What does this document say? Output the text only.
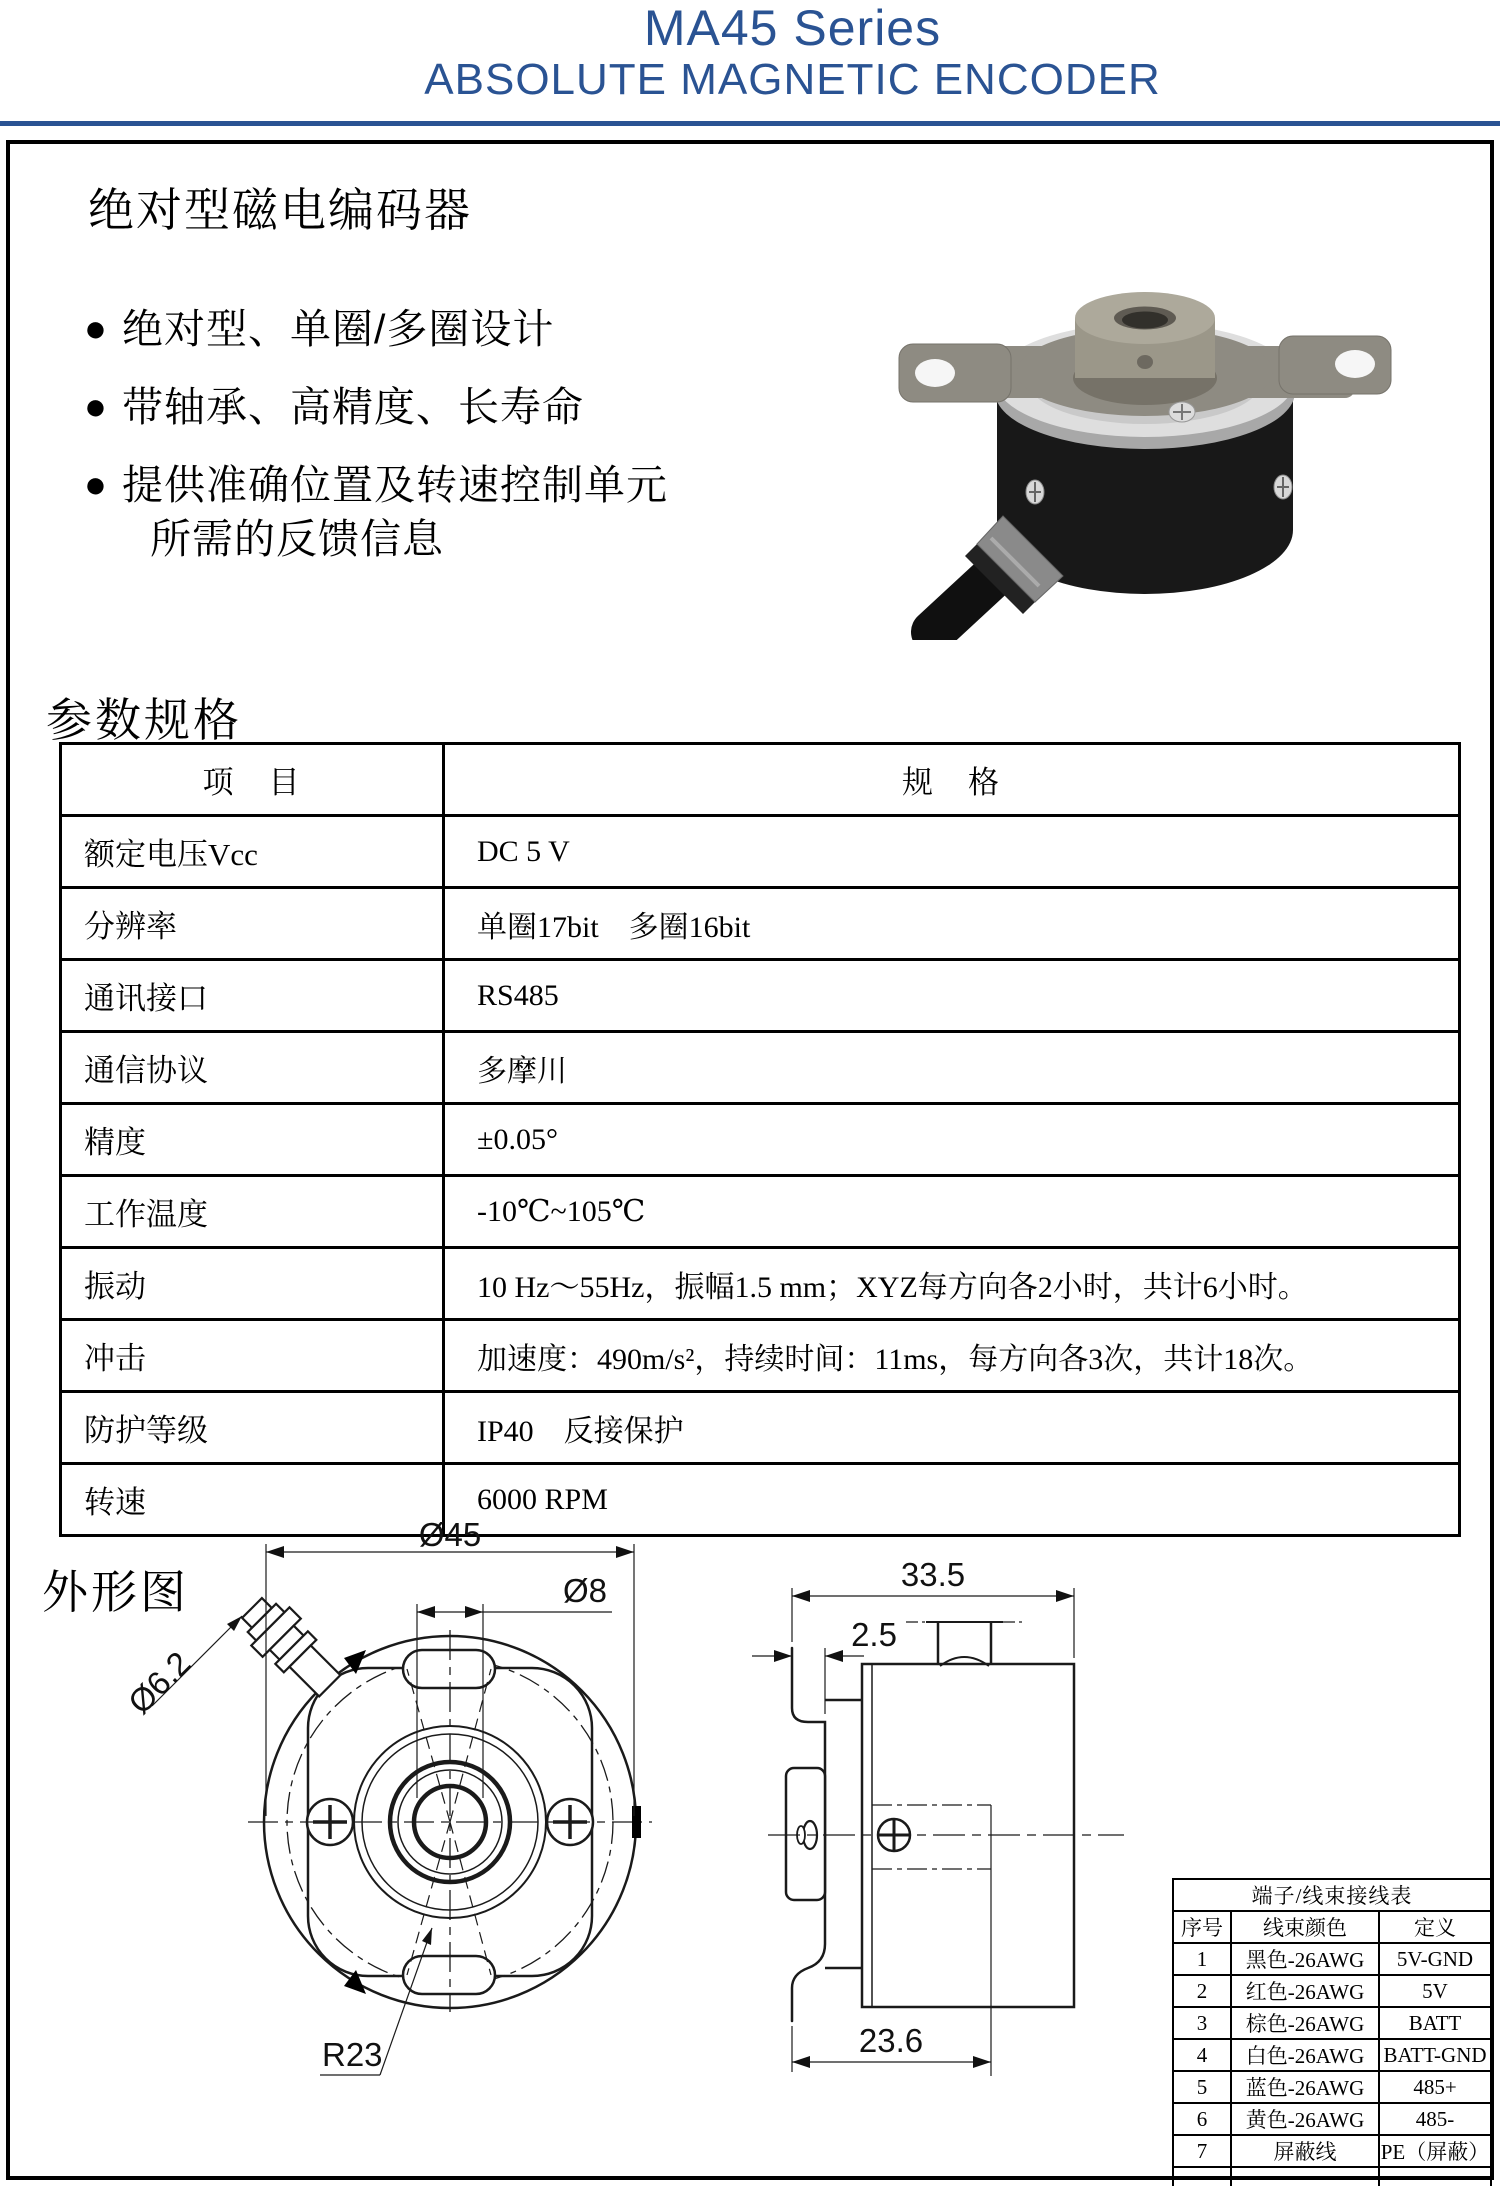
MA45 Series
ABSOLUTE MAGNETIC ENCODER
绝对型磁电编码器
● 绝对型、单圈/多圈设计
● 带轴承、高精度、长寿命
● 提供准确位置及转速控制单元
所需的反馈信息
参数规格
项　目	规　格
额定电压Vcc	DC 5 V
分辨率	单圈17bit　多圈16bit
通讯接口	RS485
通信协议	多摩川
精度	±0.05°
工作温度	-10℃~105℃
振动	10 Hz～55Hz，振幅1.5 mm；XYZ每方向各2小时，共计6小时。
冲击	加速度：490m/s²，持续时间：11ms，每方向各3次，共计18次。
防护等级	IP40　反接保护
转速	6000 RPM
外形图
Ø45
Ø8
Ø6.2
R23
33.5
2.5
23.6
端子/线束接线表		
序号	线束颜色	定义
1	黑色-26AWG	5V-GND
2	红色-26AWG	5V
3	棕色-26AWG	BATT
4	白色-26AWG	BATT-GND
5	蓝色-26AWG	485+
6	黄色-26AWG	485-
7	屏蔽线	PE（屏蔽）
